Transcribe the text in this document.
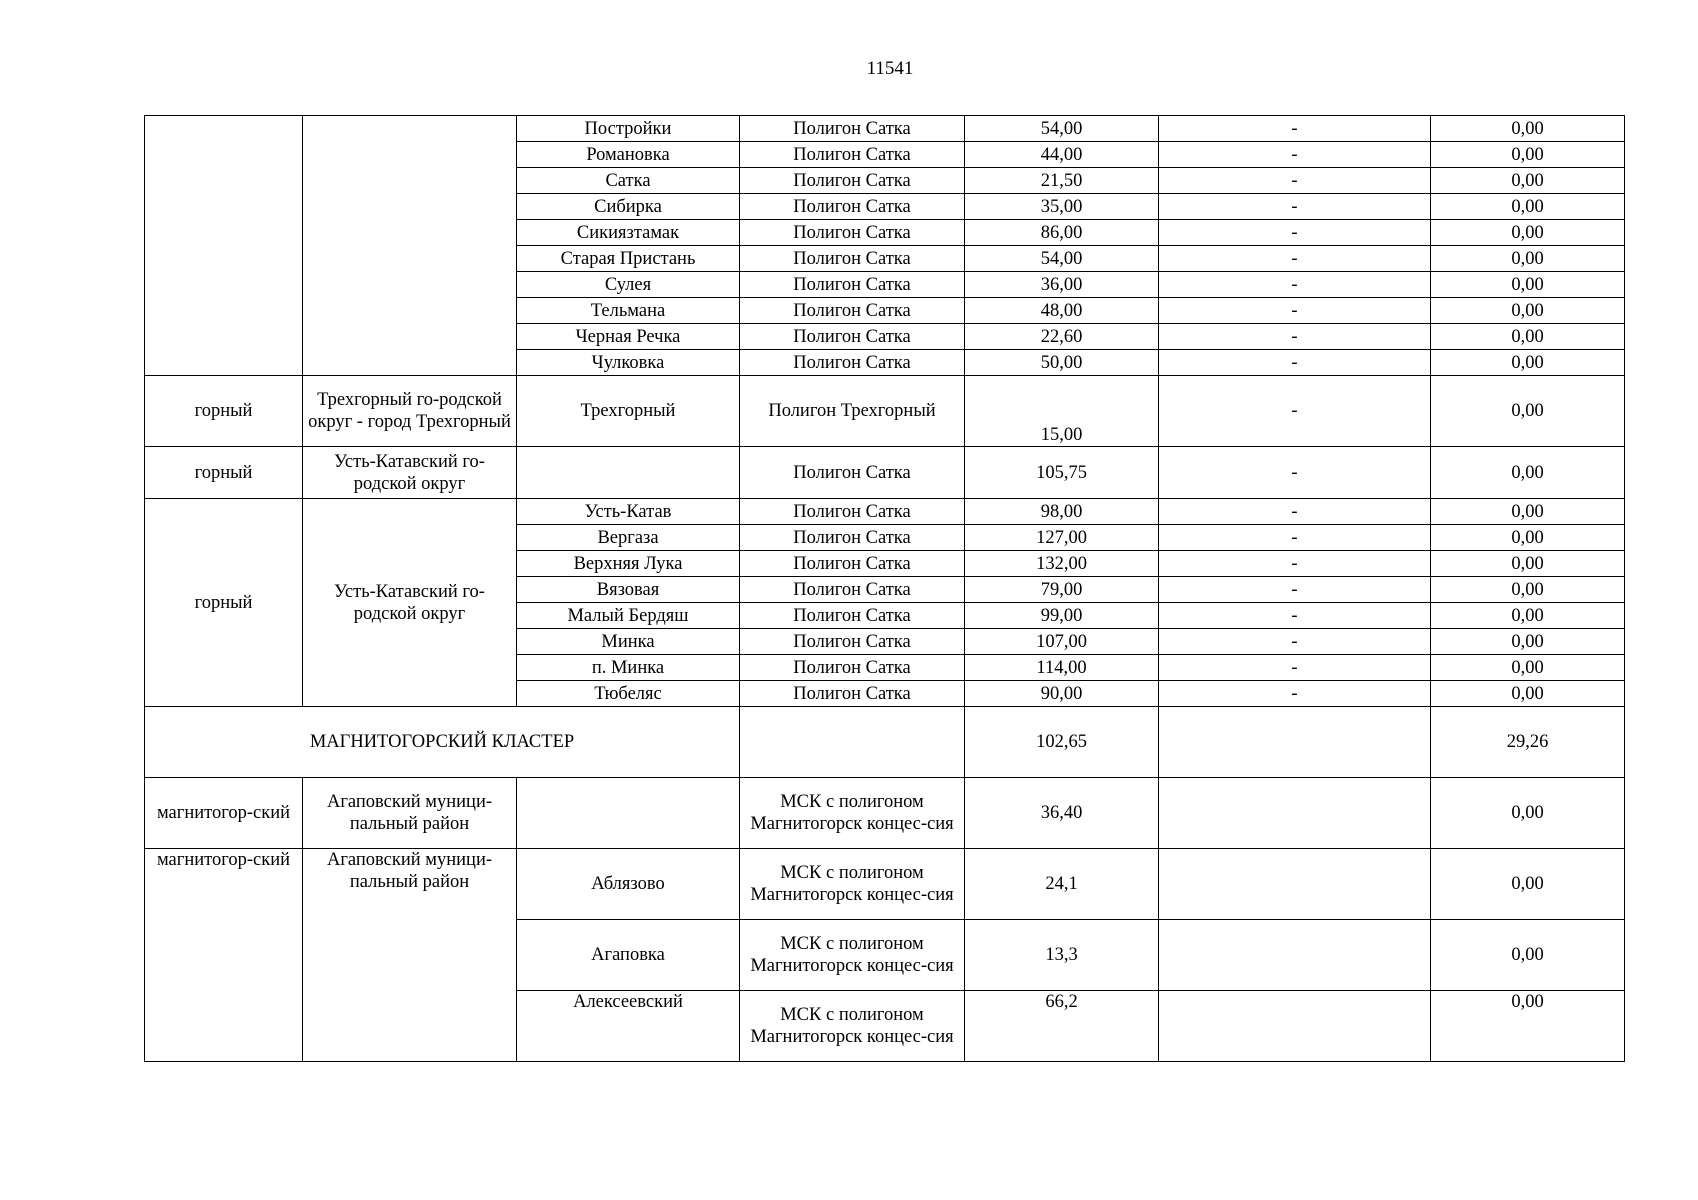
11541
		Постройки	Полигон Сатка	54,00	-	0,00
		Романовка	Полигон Сатка	44,00	-	0,00
		Сатка	Полигон Сатка	21,50	-	0,00
		Сибирка	Полигон Сатка	35,00	-	0,00
		Сикиязтамак	Полигон Сатка	86,00	-	0,00
		Старая Пристань	Полигон Сатка	54,00	-	0,00
		Сулея	Полигон Сатка	36,00	-	0,00
		Тельмана	Полигон Сатка	48,00	-	0,00
		Черная Речка	Полигон Сатка	22,60	-	0,00
		Чулковка	Полигон Сатка	50,00	-	0,00
горный	Трехгорный го-родской округ - город Трехгорный	Трехгорный	Полигон Трехгорный	15,00	-	0,00
горный	Усть-Катавский го-родской округ		Полигон Сатка	105,75	-	0,00
горный	Усть-Катавский го-родской округ	Усть-Катав	Полигон Сатка	98,00	-	0,00
		Вергаза	Полигон Сатка	127,00	-	0,00
		Верхняя Лука	Полигон Сатка	132,00	-	0,00
		Вязовая	Полигон Сатка	79,00	-	0,00
		Малый Бердяш	Полигон Сатка	99,00	-	0,00
		Минка	Полигон Сатка	107,00	-	0,00
		п. Минка	Полигон Сатка	114,00	-	0,00
		Тюбеляс	Полигон Сатка	90,00	-	0,00
МАГНИТОГОРСКИЙ КЛАСТЕР				102,65		29,26
магнитогор-ский	Агаповский муници-пальный район		МСК с полигоном Магнитогорск концес-сия	36,40		0,00
магнитогор-ский	Агаповский муници-пальный район	Аблязово	МСК с полигоном Магнитогорск концес-сия	24,1		0,00
		Агаповка	МСК с полигоном Магнитогорск концес-сия	13,3		0,00
		Алексеевский	МСК с полигоном Магнитогорск концес-сия	66,2		0,00
